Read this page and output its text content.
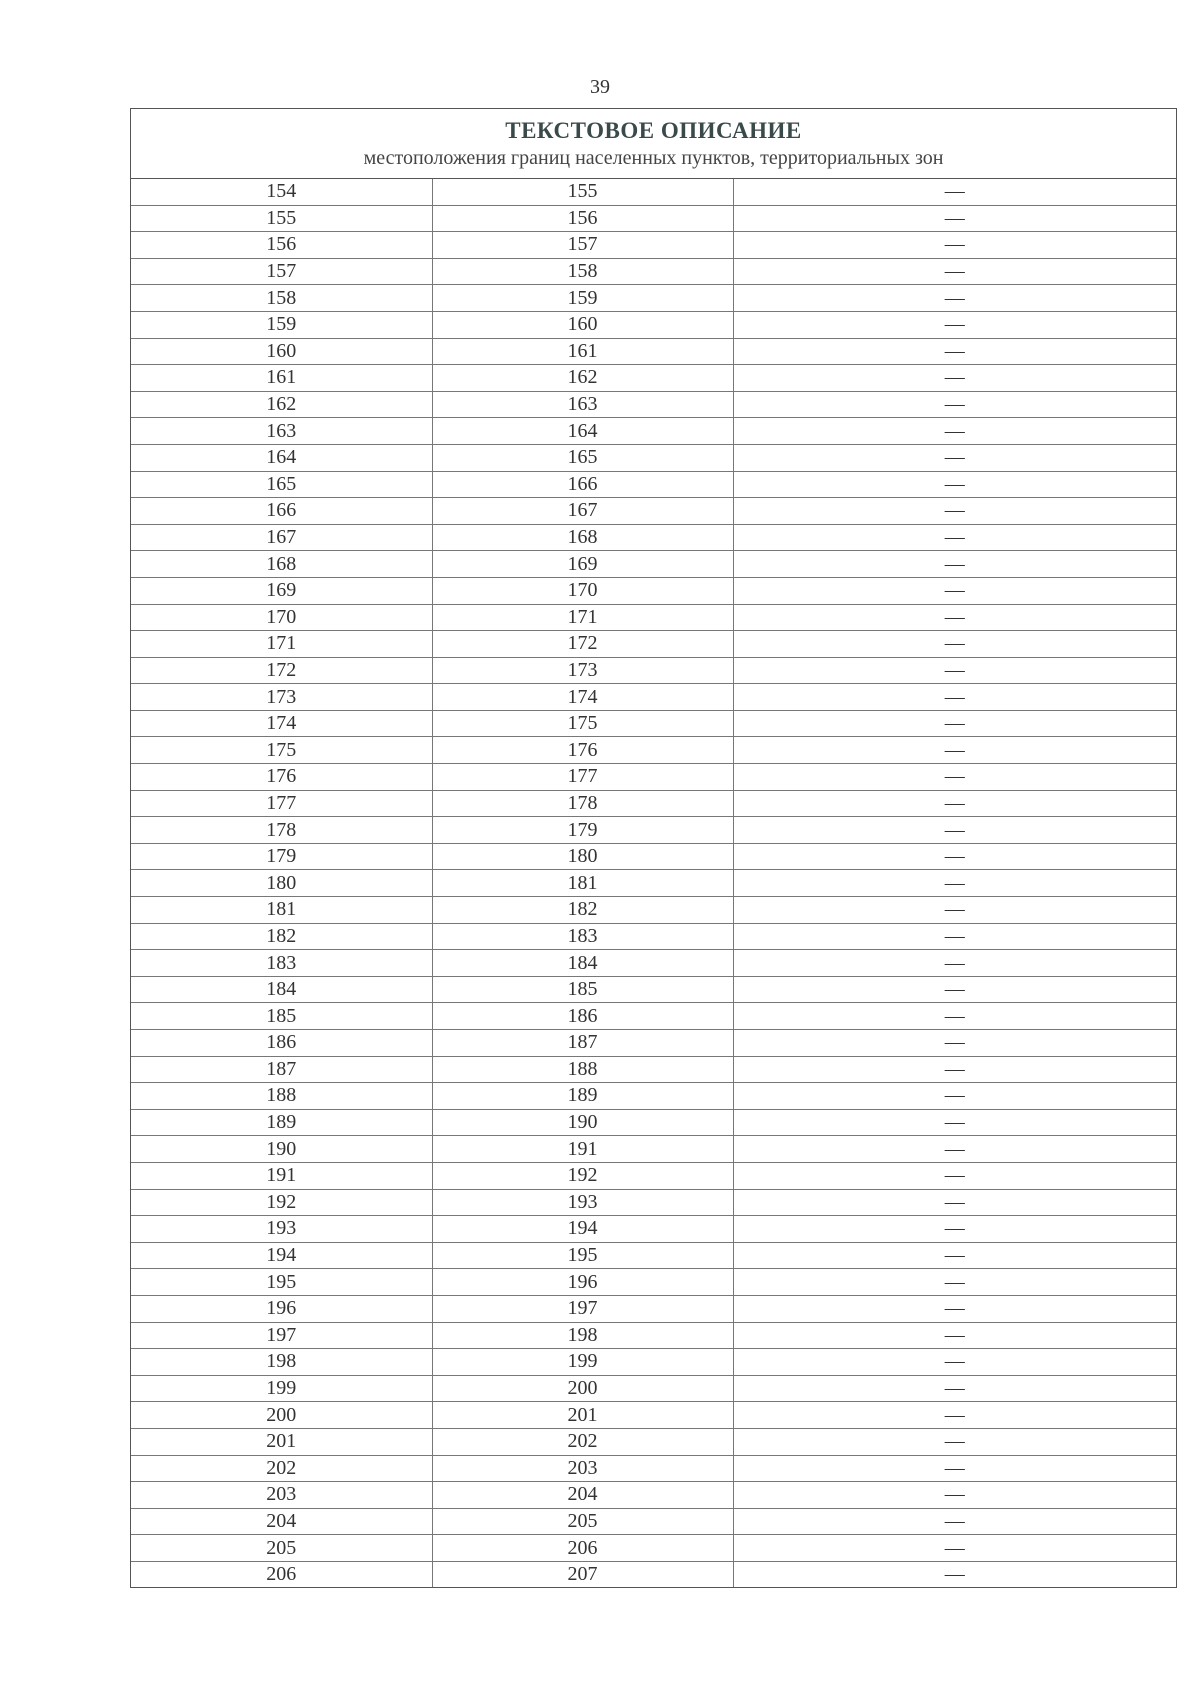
39
ТЕКСТОВОЕ ОПИСАНИЕ
местоположения границ населенных пунктов, территориальных зон
154	155	—
155	156	—
156	157	—
157	158	—
158	159	—
159	160	—
160	161	—
161	162	—
162	163	—
163	164	—
164	165	—
165	166	—
166	167	—
167	168	—
168	169	—
169	170	—
170	171	—
171	172	—
172	173	—
173	174	—
174	175	—
175	176	—
176	177	—
177	178	—
178	179	—
179	180	—
180	181	—
181	182	—
182	183	—
183	184	—
184	185	—
185	186	—
186	187	—
187	188	—
188	189	—
189	190	—
190	191	—
191	192	—
192	193	—
193	194	—
194	195	—
195	196	—
196	197	—
197	198	—
198	199	—
199	200	—
200	201	—
201	202	—
202	203	—
203	204	—
204	205	—
205	206	—
206	207	—
